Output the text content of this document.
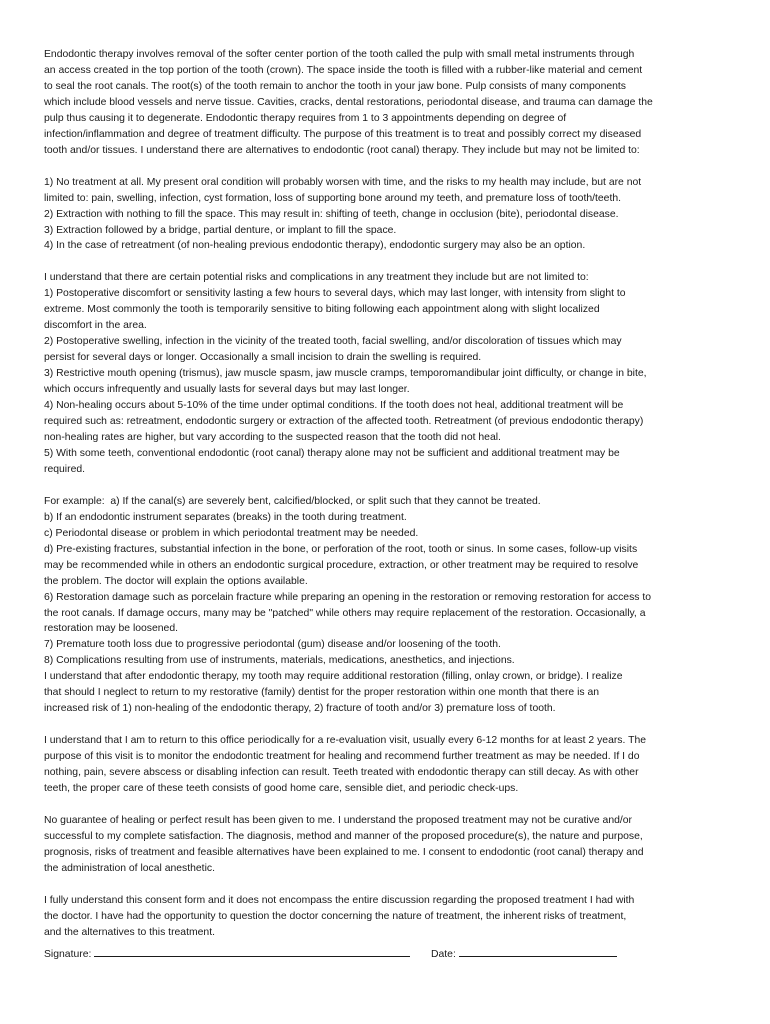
Endodontic therapy involves removal of the softer center portion of the tooth called the pulp with small metal instruments through
an access created in the top portion of the tooth (crown). The space inside the tooth is filled with a rubber-like material and cement
to seal the root canals. The root(s) of the tooth remain to anchor the tooth in your jaw bone. Pulp consists of many components
which include blood vessels and nerve tissue. Cavities, cracks, dental restorations, periodontal disease, and trauma can damage the
pulp thus causing it to degenerate. Endodontic therapy requires from 1 to 3 appointments depending on degree of
infection/inflammation and degree of treatment difficulty. The purpose of this treatment is to treat and possibly correct my diseased
tooth and/or tissues. I understand there are alternatives to endodontic (root canal) therapy. They include but may not be limited to:
1) No treatment at all. My present oral condition will probably worsen with time, and the risks to my health may include, but are not
limited to: pain, swelling, infection, cyst formation, loss of supporting bone around my teeth, and premature loss of tooth/teeth.
2) Extraction with nothing to fill the space. This may result in: shifting of teeth, change in occlusion (bite), periodontal disease.
3) Extraction followed by a bridge, partial denture, or implant to fill the space.
4) In the case of retreatment (of non-healing previous endodontic therapy), endodontic surgery may also be an option.
I understand that there are certain potential risks and complications in any treatment they include but are not limited to:
1) Postoperative discomfort or sensitivity lasting a few hours to several days, which may last longer, with intensity from slight to
extreme. Most commonly the tooth is temporarily sensitive to biting following each appointment along with slight localized
discomfort in the area.
2) Postoperative swelling, infection in the vicinity of the treated tooth, facial swelling, and/or discoloration of tissues which may
persist for several days or longer. Occasionally a small incision to drain the swelling is required.
3) Restrictive mouth opening (trismus), jaw muscle spasm, jaw muscle cramps, temporomandibular joint difficulty, or change in bite,
which occurs infrequently and usually lasts for several days but may last longer.
4) Non-healing occurs about 5-10% of the time under optimal conditions. If the tooth does not heal, additional treatment will be
required such as: retreatment, endodontic surgery or extraction of the affected tooth. Retreatment (of previous endodontic therapy)
non-healing rates are higher, but vary according to the suspected reason that the tooth did not heal.
5) With some teeth, conventional endodontic (root canal) therapy alone may not be sufficient and additional treatment may be
required.
For example:  a) If the canal(s) are severely bent, calcified/blocked, or split such that they cannot be treated.
b) If an endodontic instrument separates (breaks) in the tooth during treatment.
c) Periodontal disease or problem in which periodontal treatment may be needed.
d) Pre-existing fractures, substantial infection in the bone, or perforation of the root, tooth or sinus. In some cases, follow-up visits
may be recommended while in others an endodontic surgical procedure, extraction, or other treatment may be required to resolve
the problem. The doctor will explain the options available.
6) Restoration damage such as porcelain fracture while preparing an opening in the restoration or removing restoration for access to
the root canals. If damage occurs, many may be "patched" while others may require replacement of the restoration. Occasionally, a
restoration may be loosened.
7) Premature tooth loss due to progressive periodontal (gum) disease and/or loosening of the tooth.
8) Complications resulting from use of instruments, materials, medications, anesthetics, and injections.
I understand that after endodontic therapy, my tooth may require additional restoration (filling, onlay crown, or bridge). I realize
that should I neglect to return to my restorative (family) dentist for the proper restoration within one month that there is an
increased risk of 1) non-healing of the endodontic therapy, 2) fracture of tooth and/or 3) premature loss of tooth.
I understand that I am to return to this office periodically for a re-evaluation visit, usually every 6-12 months for at least 2 years. The
purpose of this visit is to monitor the endodontic treatment for healing and recommend further treatment as may be needed. If I do
nothing, pain, severe abscess or disabling infection can result. Teeth treated with endodontic therapy can still decay. As with other
teeth, the proper care of these teeth consists of good home care, sensible diet, and periodic check-ups.
No guarantee of healing or perfect result has been given to me. I understand the proposed treatment may not be curative and/or
successful to my complete satisfaction. The diagnosis, method and manner of the proposed procedure(s), the nature and purpose,
prognosis, risks of treatment and feasible alternatives have been explained to me. I consent to endodontic (root canal) therapy and
the administration of local anesthetic.
I fully understand this consent form and it does not encompass the entire discussion regarding the proposed treatment I had with
the doctor. I have had the opportunity to question the doctor concerning the nature of treatment, the inherent risks of treatment,
and the alternatives to this treatment.
Signature:	Date:
